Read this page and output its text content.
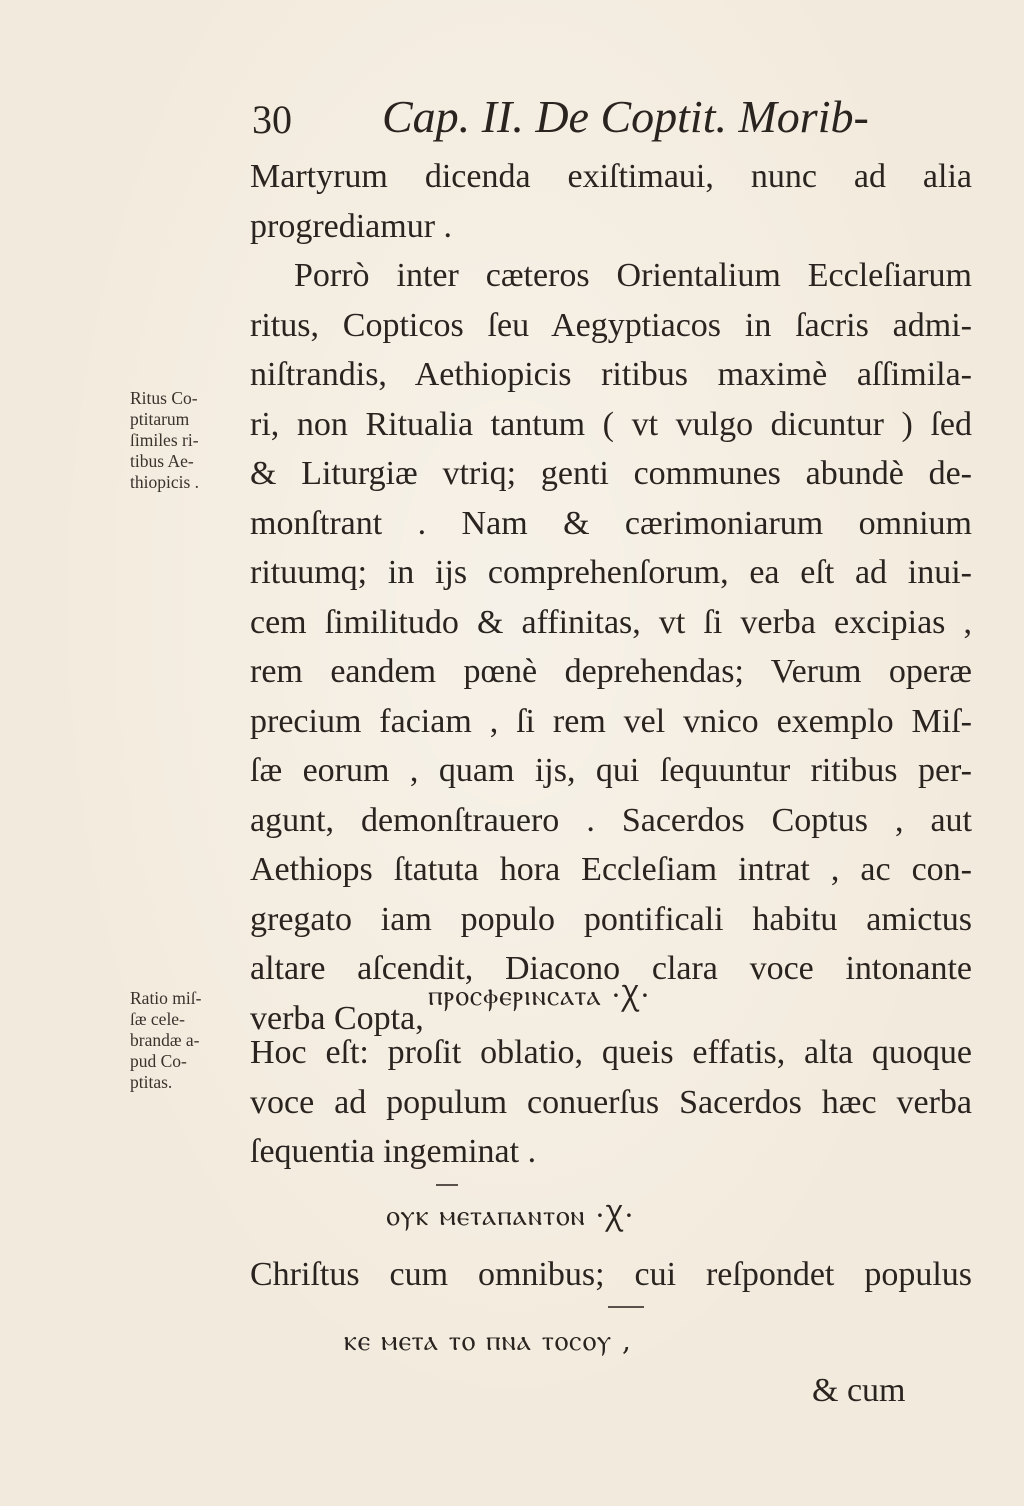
30 Cap. II. De Coptit. Morib-
Martyrum dicenda exiſtimaui, nunc ad alia
progrediamur .
Porrò inter cæteros Orientalium Eccleſiarum
ritus, Copticos ſeu Aegyptiacos in ſacris admi-
niſtrandis, Aethiopicis ritibus maximè aſſimila-
ri, non Ritualia tantum ( vt vulgo dicuntur ) ſed
& Liturgiæ vtriq; genti communes abundè de-
monſtrant . Nam & cærimoniarum omnium
rituumq; in ijs comprehenſorum, ea eſt ad inui-
cem ſimilitudo & affinitas, vt ſi verba excipias ,
rem eandem pœnè deprehendas; Verum operæ
precium faciam , ſi rem vel vnico exemplo Miſ-
ſæ eorum , quam ijs, qui ſequuntur ritibus per-
agunt, demonſtrauero . Sacerdos Coptus , aut
Aethiops ſtatuta hora Eccleſiam intrat , ac con-
gregato iam populo pontificali habitu amictus
altare aſcendit, Diacono clara voce intonante
verba Copta,
ⲡⲣⲟⲥⲫⲉⲣⲓⲛⲥⲁⲧⲁ ·Ꭓ·
Hoc eſt: proſit oblatio, queis effatis, alta quoque
voce ad populum conuerſus Sacerdos hæc verba
ſequentia ingeminat .
ⲟⲩⲕ ⲙⲉⲧⲁⲡⲁⲛⲧⲟⲛ ·Ꭓ·
Chriſtus cum omnibus; cui reſpondet populus
ⲕⲉ ⲙⲉⲧⲁ ⲧⲟ ⲡⲛⲁ ⲧⲟⲥⲟⲩ ,
& cum
Ritus Co-
ptitarum
ſimiles ri-
tibus Ae-
thiopicis .
Ratio miſ-
ſæ cele-
brandæ a-
pud Co-
ptitas.
